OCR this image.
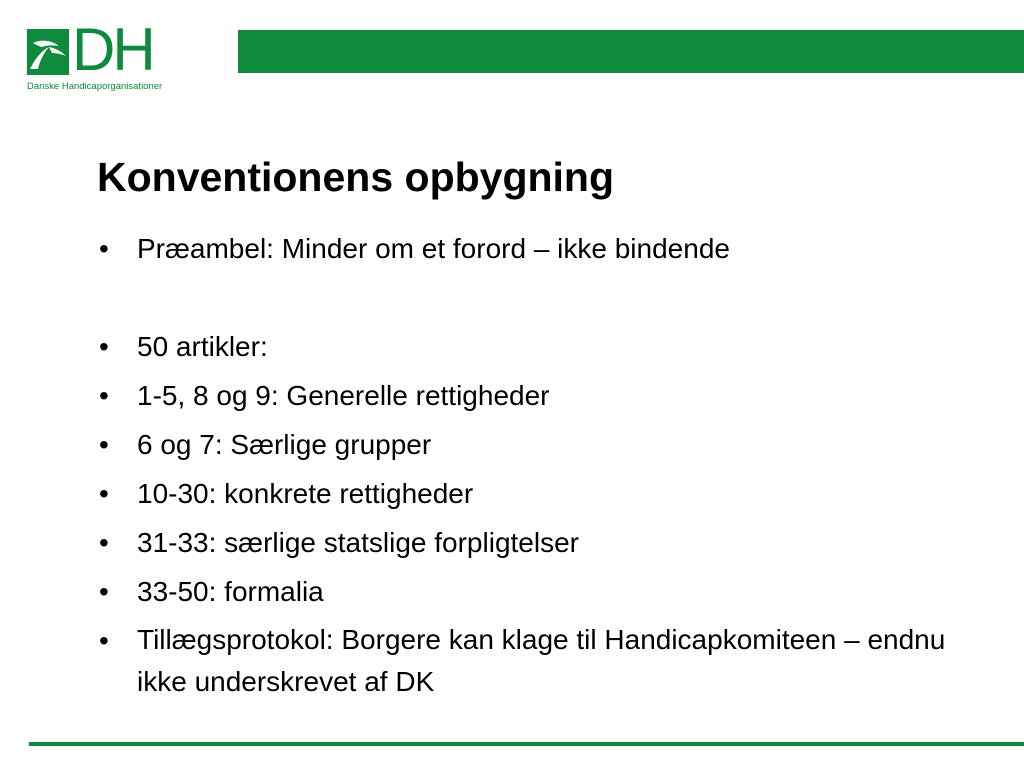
DH
Danske Handicaporganisationer
Konventionens opbygning
• Præambel: Minder om et forord – ikke bindende
• 50 artikler:
• 1-5, 8 og 9: Generelle rettigheder
• 6 og 7: Særlige grupper
• 10-30: konkrete rettigheder
• 31-33: særlige statslige forpligtelser
• 33-50: formalia
• Tillægsprotokol: Borgere kan klage til Handicapkomiteen – endnu ikke underskrevet af DK
